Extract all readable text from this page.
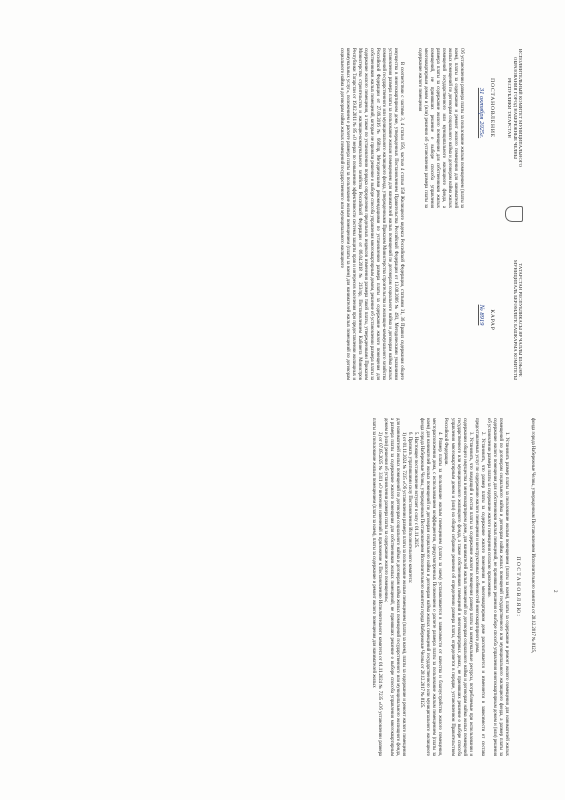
ИСПОЛНИТЕЛЬНЫЙ КОМИТЕТ МУНИЦИПАЛЬНОГО ОБРАЗОВАНИЯ ГОРОД НАБЕРЕЖНЫЕ ЧЕЛНЫ РЕСПУБЛИКИ ТАТАРСТАН
ТАТАРСТАН РЕСПУБЛИКАСЫ ЯР ЧАЛЛЫ ШӘҺӘРЕ МУНИЦИПАЛЬ БЕРӘМЛЕГЕ БАШКАРМА КОМИТЕТЫ
ПОСТАНОВЛЕНИЕ
КАРАР
31 октября 2025г.
№ 8919
Об установлении размера платы за пользование жилым помещением (платы за наем), платы за содержание и ремонт жилого помещения для нанимателей жилых помещений по договорам социального найма и договорам найма жилых помещений государственного или муниципального жилищного фонда, а размера платы за содержание жилого помещения для собственников жилых помещений, не принявших решение о выборе способа управления многоквартирным домом и (или) решения об установлении размера платы за содержание жилого помещения
В соответствии с частями 3, 4 статьи 156, частью 4 статьи 158 Жилищного кодекса Российской Федерации, статьями 31, 36 Правил содержания общего имущества в многоквартирном доме, утвержденных Постановлением Правительства Российской Федерации от 13.08.2006 № 491, Методическими указаниями установления размера платы за пользование жилым помещением для нанимателей жилых помещений по договорам социального найма и договорам найма жилых помещений государственного или муниципального жилищного фонда, утвержденными Приказом Министерства строительства и жилищно-коммунального хозяйства Российской Федерации от 27.09.2016 № 668/пр, Методическими рекомендациями по установлению размера платы за содержание жилого помещения для собственников жилых помещений, которые не приняли решение о выборе способа управления многоквартирным домом, решение об установлении размера платы за содержание жилого помещения, а также по установлению порядка определения предельных индексов изменения размера такой платы, утвержденными Приказом Министерства строительства и жилищно-коммунального хозяйства Российской Федерации от 06.04.2018 № 213/пр, Постановлением Кабинета Министров Республики Татарстан от 19.02.2011 № 85 «О мерах по повышению эффективности системы защиты прав и интересов населения при предоставлении жилищных и коммунальных услуг», положением о расчете размера платы за пользование жилым помещением (платы за наем) для нанимателей жилых помещений по договорам социального найма и договорам найма жилых помещений государственного или муниципального жилищного
2
фонда города Набережные Челны, утвержденным Постановлением Исполнительного комитета от 28.12.2017 № 8125,
ПОСТАНОВЛЯЮ:

1. Установить размер платы за пользование жилым помещением (платы за наем), платы за содержание и ремонт жилого помещения для нанимателей жилых помещений по договорам социального найма и договорам найма жилых помещений государственного или муниципального жилищного фонда, а размер платы за содержание жилого помещения для собственников жилых помещений, не принявших решения о выборе способа управления многоквартирным домом и (или) решения об установлении размера платы за содержание жилого помещения согласно приложению.

2. Установить, что размер платы за содержание жилого помещения в многоквартирном доме рассчитывается и изменяется в зависимости от состава предоставляемых услуг по содержанию жилого помещения и конструктивных особенностей многоквартирного дома.

3. Установить, что входящий в состав платы за содержание жилого помещения размер платы за коммунальные ресурсы, потребляемые при использовании и содержании общего имущества в многоквартирном доме, для нанимателей жилых помещений по договорам социального найма и договорам найма жилых помещений государственного или муниципального жилищного фонда, а также собственников помещений в многоквартирных домах, не принявших решение о выборе способа управления многоквартирным домом и (или) на общем собрании решения об определении размера платы, определяется в порядке, установленном Правительством Российской Федерации.

4. Размер платы за пользование жилым помещением (платы за наем) устанавливается в зависимости от качества и благоустройства жилого помещения, месторасположения дома, с использованием коэффициентов, предусмотренных Положением о расчете размера платы за пользование жилым помещением (платы за наем) для нанимателей жилых помещений по договорам социального найма и договорам найма жилых помещений государственного или муниципального жилищного фонда города Набережные Челны, утвержденным Постановлением Исполнительного комитета города Набережные Челны от 28.12.2017 № 8125.

5. Настоящее постановление вступает в силу с 01.11.2025.

6. Признать утратившими силу Постановления Исполнительного комитета:

1) от 01.11.2024 № 7235 «Об установлении размера платы за пользование жилым помещением (платы за наем), платы за содержание и ремонт жилого помещения для нанимателей жилых помещений по договорам социального найма и договорам найма жилых помещений государственного или муниципального жилищного фонда, а размера платы за содержание жилого помещения для собственников жилых помещений, не принявших решение о выборе способа управления многоквартирным домом и (или) решения об установлении размера платы за содержание жилого помещения»;

2) от 07.05.2025 № 3311 «О внесении изменений в приложение к Постановлению Исполнительного комитета от 01.11.2024 № 7235 «Об установлении размера платы за пользование жилым помещением (платы за наем), платы за содержание и ремонт жилого помещения для нанимателей жилых
